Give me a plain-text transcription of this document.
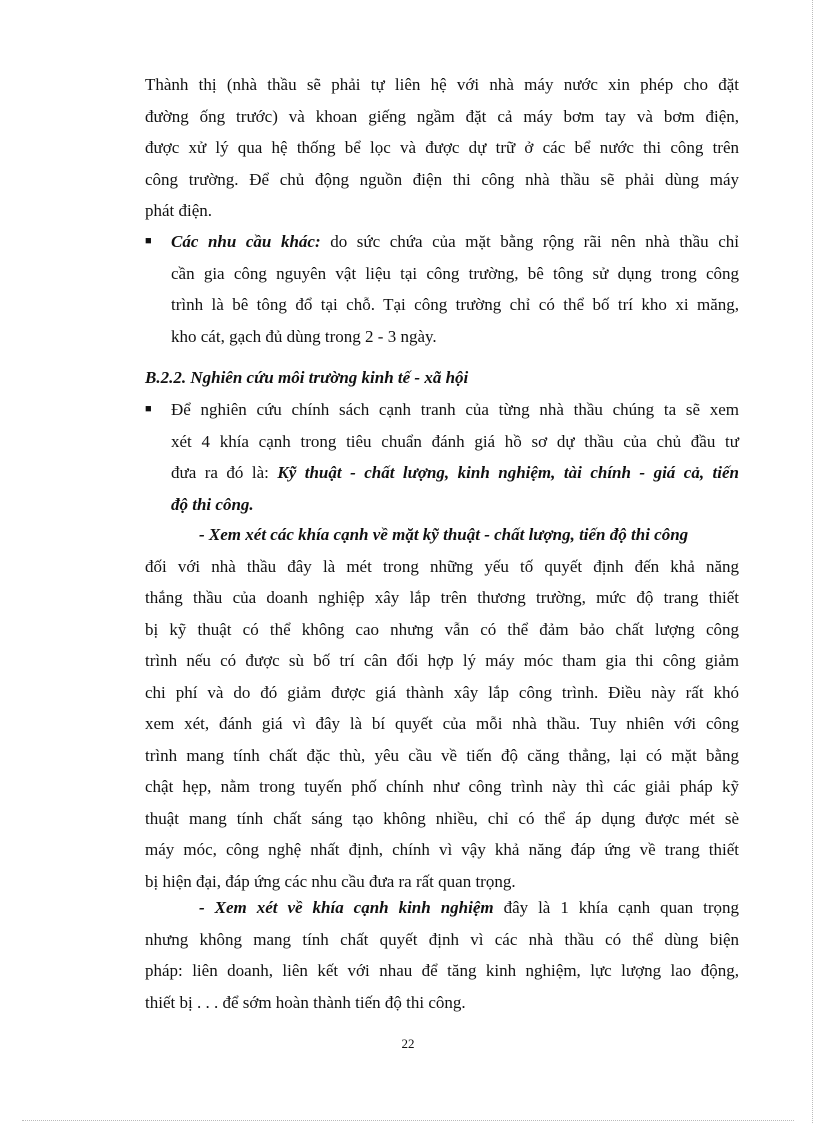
Thành thị (nhà thầu sẽ phải tự liên hệ với nhà máy nước xin phép cho đặt
đường ống trước) và khoan giếng ngầm đặt cả máy bơm tay và bơm điện,
được xử lý qua hệ thống bể lọc và được dự trữ ở các bể nước thi công trên
công trường. Để chủ động nguồn điện thi công nhà thầu sẽ phải dùng máy
phát điện.
■ Các nhu cầu khác: do sức chứa của mặt bằng rộng rãi nên nhà thầu chỉ
cần gia công nguyên vật liệu tại công trường, bê tông sử dụng trong công
trình là bê tông đổ tại chỗ. Tại công trường chỉ có thể bố trí kho xi măng,
kho cát, gạch đủ dùng trong 2 - 3 ngày.
B.2.2. Nghiên cứu môi trường kinh tế - xã hội
■ Để nghiên cứu chính sách cạnh tranh của từng nhà thầu chúng ta sẽ xem
xét 4 khía cạnh trong tiêu chuẩn đánh giá hồ sơ dự thầu của chủ đầu tư
đưa ra đó là: Kỹ thuật - chất lượng, kinh nghiệm, tài chính - giá cả, tiến
độ thi công.
- Xem xét các khía cạnh về mặt kỹ thuật - chất lượng, tiến độ thi công
đối với nhà thầu đây là mét trong những yếu tố quyết định đến khả năng
thắng thầu của doanh nghiệp xây lắp trên thương trường, mức độ trang thiết
bị kỹ thuật có thể không cao nhưng vẫn có thể đảm bảo chất lượng công
trình nếu có được sù bố trí cân đối hợp lý máy móc tham gia thi công giảm
chi phí và do đó giảm được giá thành xây lắp công trình. Điều này rất khó
xem xét, đánh giá vì đây là bí quyết của mỗi nhà thầu. Tuy nhiên với công
trình mang tính chất đặc thù, yêu cầu về tiến độ căng thẳng, lại có mặt bằng
chật hẹp, nằm trong tuyến phố chính như công trình này thì các giải pháp kỹ
thuật mang tính chất sáng tạo không nhiều, chỉ có thể áp dụng được mét sè
máy móc, công nghệ nhất định, chính vì vậy khả năng đáp ứng về trang thiết
bị hiện đại, đáp ứng các nhu cầu đưa ra rất quan trọng.
- Xem xét về khía cạnh kinh nghiệm đây là 1 khía cạnh quan trọng
nhưng không mang tính chất quyết định vì các nhà thầu có thể dùng biện
pháp: liên doanh, liên kết với nhau để tăng kinh nghiệm, lực lượng lao động,
thiết bị . . . để sớm hoàn thành tiến độ thi công.
22
